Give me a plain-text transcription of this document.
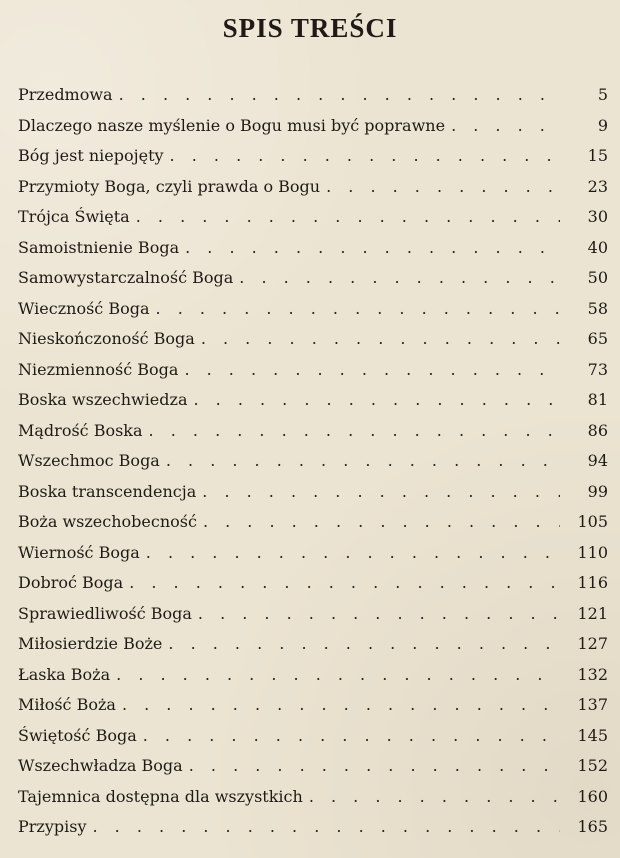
SPIS TREŚCI
Przedmowa . . .	5
Dlaczego nasze myślenie o Bogu musi być poprawne . . .	9
Bóg jest niepojęty . . .	15
Przymioty Boga, czyli prawda o Bogu . . .	23
Trójca Święta . . .	30
Samoistnienie Boga . . .	40
Samowystarczalność Boga . . .	50
Wieczność Boga . . .	58
Nieskończoność Boga . . .	65
Niezmienność Boga . . .	73
Boska wszechwiedza . . .	81
Mądrość Boska . . .	86
Wszechmoc Boga . . .	94
Boska transcendencja . . .	99
Boża wszechobecność . . .	105
Wierność Boga . . .	110
Dobroć Boga . . .	116
Sprawiedliwość Boga . . .	121
Miłosierdzie Boże . . .	127
Łaska Boża . . .	132
Miłość Boża . . .	137
Świętość Boga . . .	145
Wszechwładza Boga . . .	152
Tajemnica dostępna dla wszystkich . . .	160
Przypisy . . .	165
